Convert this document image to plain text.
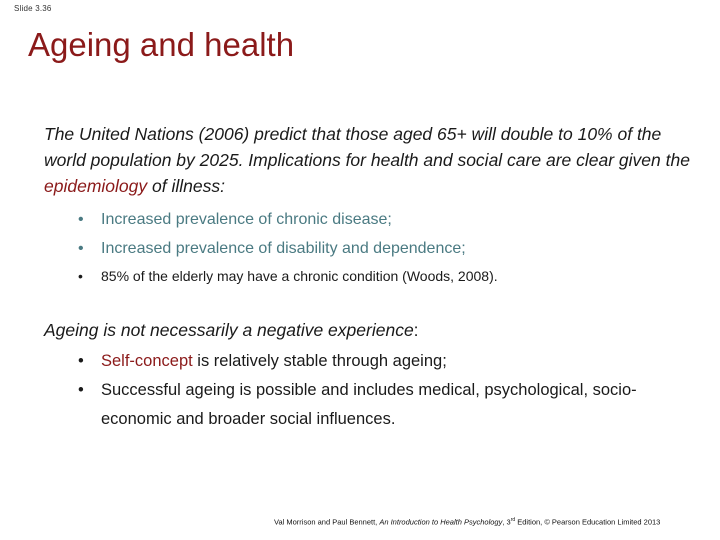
Slide 3.36
Ageing and health
The United Nations (2006) predict that those aged 65+ will double to 10% of the world population by 2025. Implications for health and social care are clear given the epidemiology of illness:
• Increased prevalence of chronic disease;
• Increased prevalence of disability and dependence;
• 85% of the elderly may have a chronic condition (Woods, 2008).
Ageing is not necessarily a negative experience:
• Self-concept is relatively stable through ageing;
• Successful ageing is possible and includes medical, psychological, socio-economic and broader social influences.
Val Morrison and Paul Bennett, An Introduction to Health Psychology, 3rd Edition, © Pearson Education Limited 2013
